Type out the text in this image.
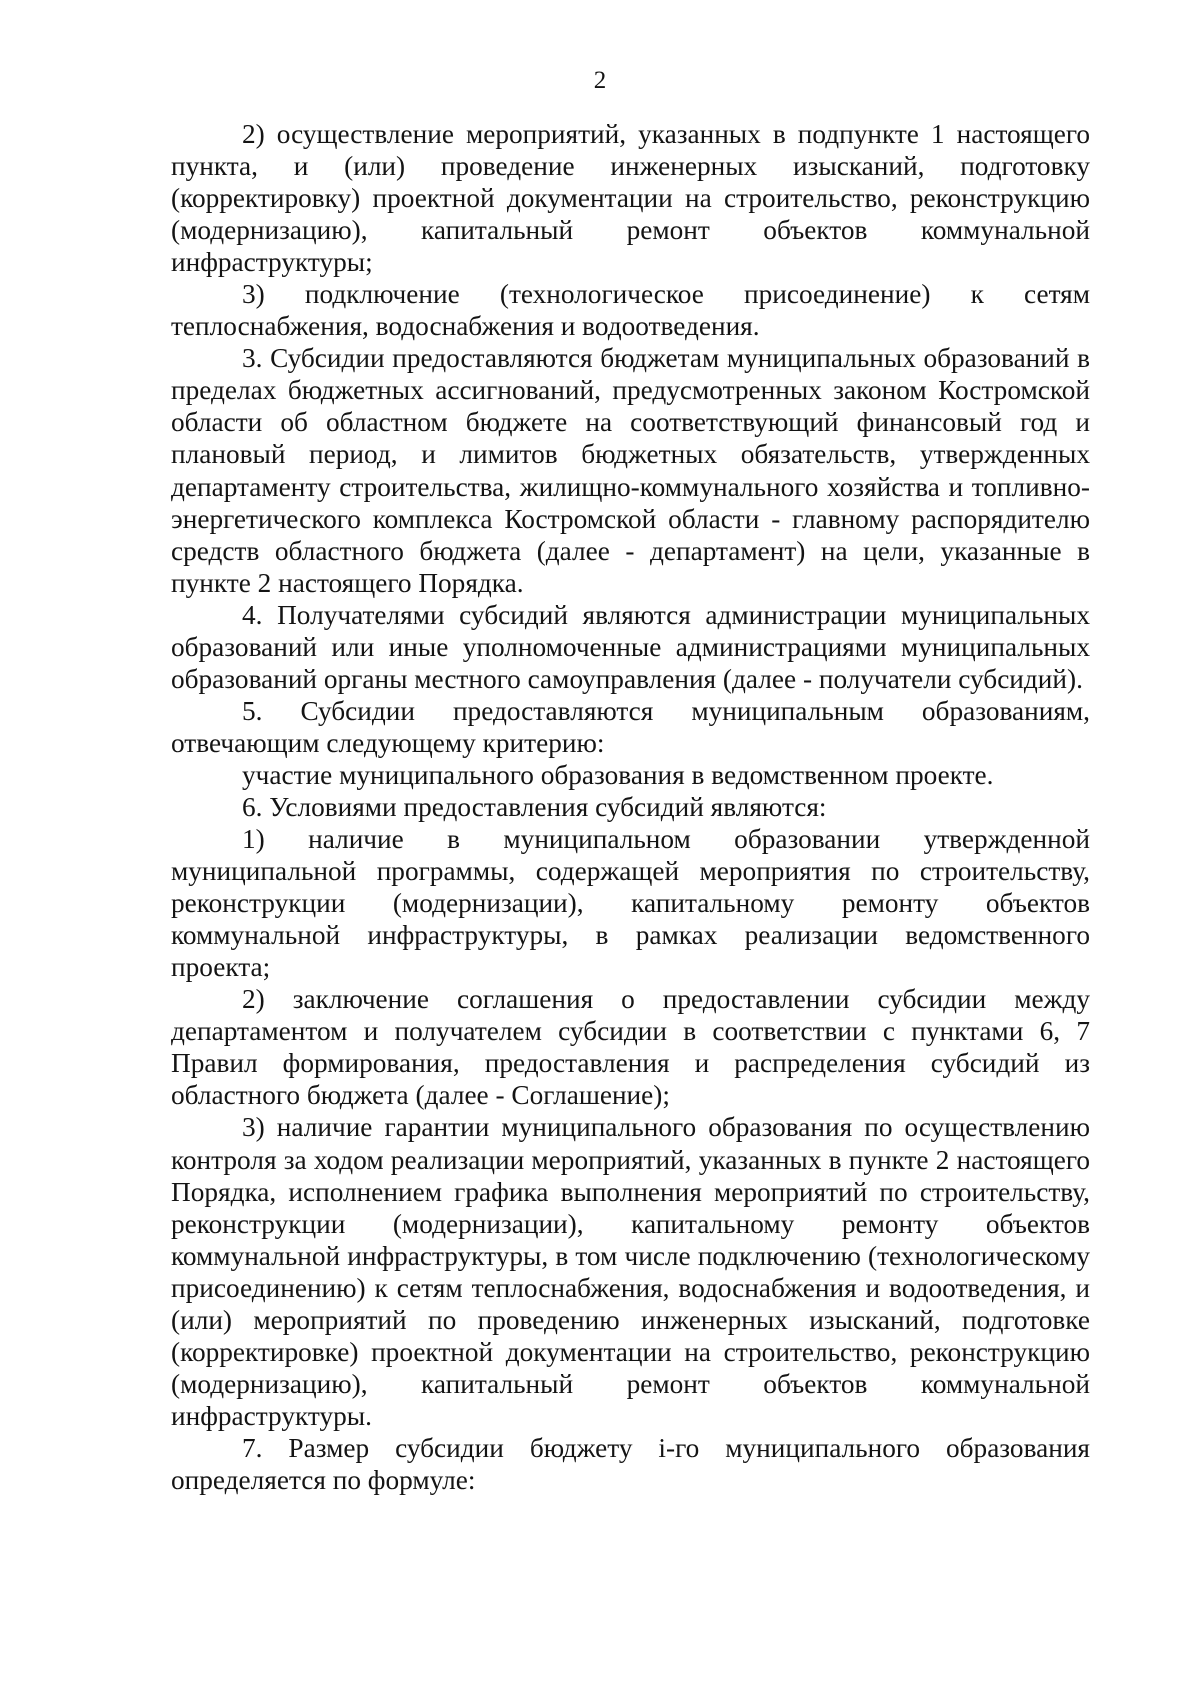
2

2) осуществление мероприятий, указанных в подпункте 1 настоящего пункта, и (или) проведение инженерных изысканий, подготовку (корректировку) проектной документации на строительство, реконструкцию (модернизацию), капитальный ремонт объектов коммунальной инфраструктуры;

3) подключение (технологическое присоединение) к сетям теплоснабжения, водоснабжения и водоотведения.

3. Субсидии предоставляются бюджетам муниципальных образований в пределах бюджетных ассигнований, предусмотренных законом Костромской области об областном бюджете на соответствующий финансовый год и плановый период, и лимитов бюджетных обязательств, утвержденных департаменту строительства, жилищно-коммунального хозяйства и топливно-энергетического комплекса Костромской области - главному распорядителю средств областного бюджета (далее - департамент) на цели, указанные в пункте 2 настоящего Порядка.

4. Получателями субсидий являются администрации муниципальных образований или иные уполномоченные администрациями муниципальных образований органы местного самоуправления (далее - получатели субсидий).

5. Субсидии предоставляются муниципальным образованиям, отвечающим следующему критерию:

участие муниципального образования в ведомственном проекте.

6. Условиями предоставления субсидий являются:

1) наличие в муниципальном образовании утвержденной муниципальной программы, содержащей мероприятия по строительству, реконструкции (модернизации), капитальному ремонту объектов коммунальной инфраструктуры, в рамках реализации ведомственного проекта;

2) заключение соглашения о предоставлении субсидии между департаментом и получателем субсидии в соответствии с пунктами 6, 7 Правил формирования, предоставления и распределения субсидий из областного бюджета (далее - Соглашение);

3) наличие гарантии муниципального образования по осуществлению контроля за ходом реализации мероприятий, указанных в пункте 2 настоящего Порядка, исполнением графика выполнения мероприятий по строительству, реконструкции (модернизации), капитальному ремонту объектов коммунальной инфраструктуры, в том числе подключению (технологическому присоединению) к сетям теплоснабжения, водоснабжения и водоотведения, и (или) мероприятий по проведению инженерных изысканий, подготовке (корректировке) проектной документации на строительство, реконструкцию (модернизацию), капитальный ремонт объектов коммунальной инфраструктуры.

7. Размер субсидии бюджету i-го муниципального образования определяется по формуле:
